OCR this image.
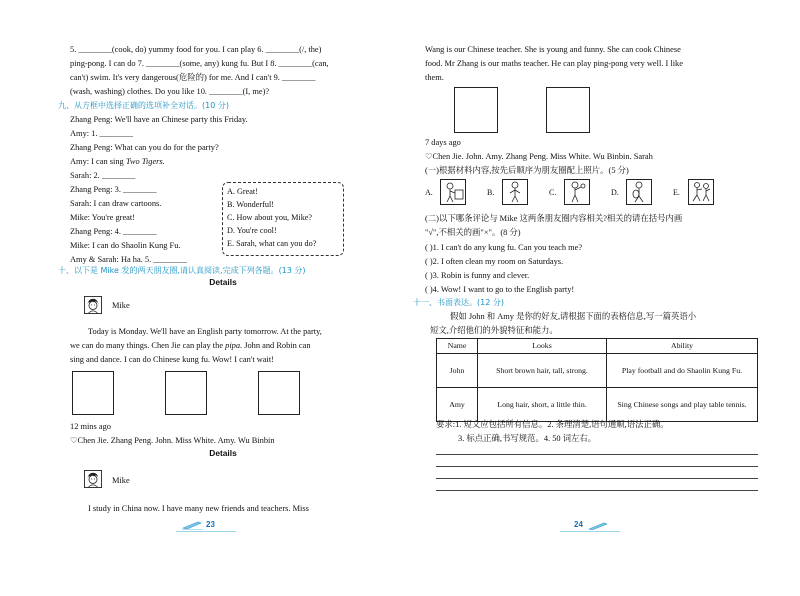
5. ________(cook, do) yummy food for you. I can play 6. ________(/, the)
ping-pong. I can do 7. ________(some, any) kung fu. But I 8. ________(can,
can't) swim. It's very dangerous(危险的) for me. And I can't 9. ________
(wash, washing) clothes. Do you like 10. ________(I, me)?
九、从方框中选择正确的选项补全对话。(10 分)
Zhang Peng: We'll have an Chinese party this Friday.
Amy: 1. ________
Zhang Peng: What can you do for the party?
Amy: I can sing Two Tigers.
Sarah: 2. ________
Zhang Peng: 3. ________
Sarah: I can draw cartoons.
Mike: You're great!
Zhang Peng: 4. ________
Mike: I can do Shaolin Kung Fu.
Amy & Sarah: Ha ha. 5. ________
A. Great!
B. Wonderful!
C. How about you, Mike?
D. You're cool!
E. Sarah, what can you do?
十、以下是 Mike 发的两天朋友圈,请认真阅读,完成下列各题。(13 分)
Details
Mike
Today is Monday. We'll have an English party tomorrow. At the party,
we can do many things. Chen Jie can play the pipa. John and Robin can
sing and dance. I can do Chinese kung fu. Wow! I can't wait!
12 mins ago
♡Chen Jie. Zhang Peng. John. Miss White. Amy. Wu Binbin
Details
Mike
I study in China now. I have many new friends and teachers. Miss
23
Wang is our Chinese teacher. She is young and funny. She can cook Chinese
food. Mr Zhang is our maths teacher. He can play ping-pong very well. I like
them.
7 days ago
♡Chen Jie. John. Amy. Zhang Peng. Miss White. Wu Binbin. Sarah
(一)根据材料内容,按先后顺序为朋友圈配上照片。(5 分)
A.	B.	C.	D.	E.
(二)以下哪条评论与 Mike 这两条朋友圈内容相关?相关的请在括号内画
"√",不相关的画"×"。(8 分)
( )1. I can't do any kung fu. Can you teach me?
( )2. I often clean my room on Saturdays.
( )3. Robin is funny and clever.
( )4. Wow! I want to go to the English party!
十一、书面表达。(12 分)
假如 John 和 Amy 是你的好友,请根据下面的表格信息,写一篇英语小
短文,介绍他们的外貌特征和能力。
Name	Looks	Ability
John	Short brown hair, tall, strong.	Play football and do Shaolin Kung Fu.
Amy	Long hair, short, a little thin.	Sing Chinese songs and play table tennis.
要求:1. 短文应包括所有信息。2. 条理清楚,语句通顺,语法正确。
3. 标点正确,书写规范。4. 50 词左右。
24
